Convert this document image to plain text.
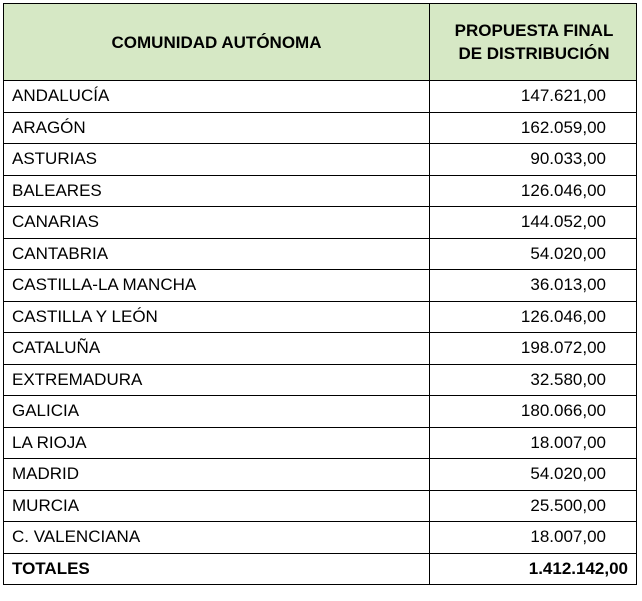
COMUNIDAD AUTÓNOMA	PROPUESTA FINAL
DE DISTRIBUCIÓN

ANDALUCÍA	147.621,00
ARAGÓN	162.059,00
ASTURIAS	90.033,00
BALEARES	126.046,00
CANARIAS	144.052,00
CANTABRIA	54.020,00
CASTILLA-LA MANCHA	36.013,00
CASTILLA Y LEÓN	126.046,00
CATALUÑA	198.072,00
EXTREMADURA	32.580,00
GALICIA	180.066,00
LA RIOJA	18.007,00
MADRID	54.020,00
MURCIA	25.500,00
C. VALENCIANA	18.007,00
TOTALES	1.412.142,00
